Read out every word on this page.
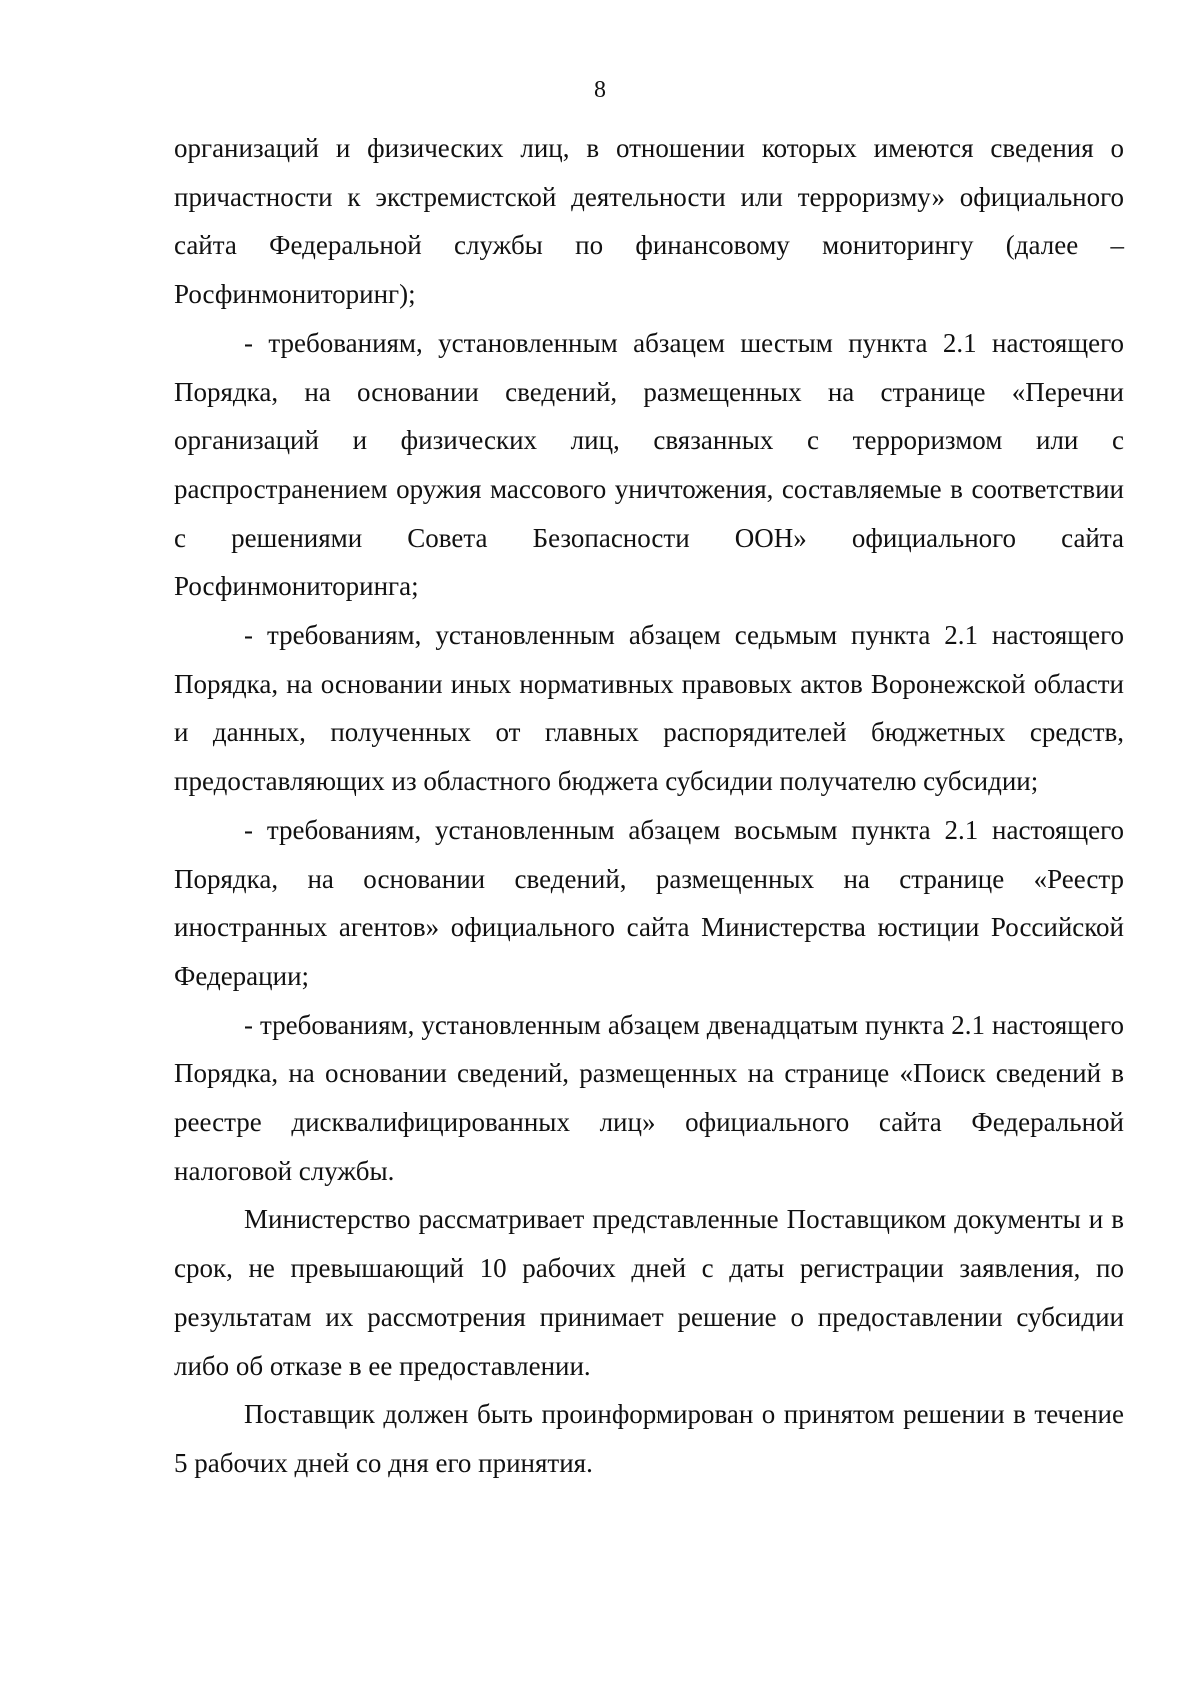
8

организаций и физических лиц, в отношении которых имеются сведения о причастности к экстремистской деятельности или терроризму» официального сайта Федеральной службы по финансовому мониторингу (далее – Росфинмониторинг);

- требованиям, установленным абзацем шестым пункта 2.1 настоящего Порядка, на основании сведений, размещенных на странице «Перечни организаций и физических лиц, связанных с терроризмом или с распространением оружия массового уничтожения, составляемые в соответствии с решениями Совета Безопасности ООН» официального сайта Росфинмониторинга;

- требованиям, установленным абзацем седьмым пункта 2.1 настоящего Порядка, на основании иных нормативных правовых актов Воронежской области и данных, полученных от главных распорядителей бюджетных средств, предоставляющих из областного бюджета субсидии получателю субсидии;

- требованиям, установленным абзацем восьмым пункта 2.1 настоящего Порядка, на основании сведений, размещенных на странице «Реестр иностранных агентов» официального сайта Министерства юстиции Российской Федерации;

- требованиям, установленным абзацем двенадцатым пункта 2.1 настоящего Порядка, на основании сведений, размещенных на странице «Поиск сведений в реестре дисквалифицированных лиц» официального сайта Федеральной налоговой службы.

Министерство рассматривает представленные Поставщиком документы и в срок, не превышающий 10 рабочих дней с даты регистрации заявления, по результатам их рассмотрения принимает решение о предоставлении субсидии либо об отказе в ее предоставлении.

Поставщик должен быть проинформирован о принятом решении в течение 5 рабочих дней со дня его принятия.
